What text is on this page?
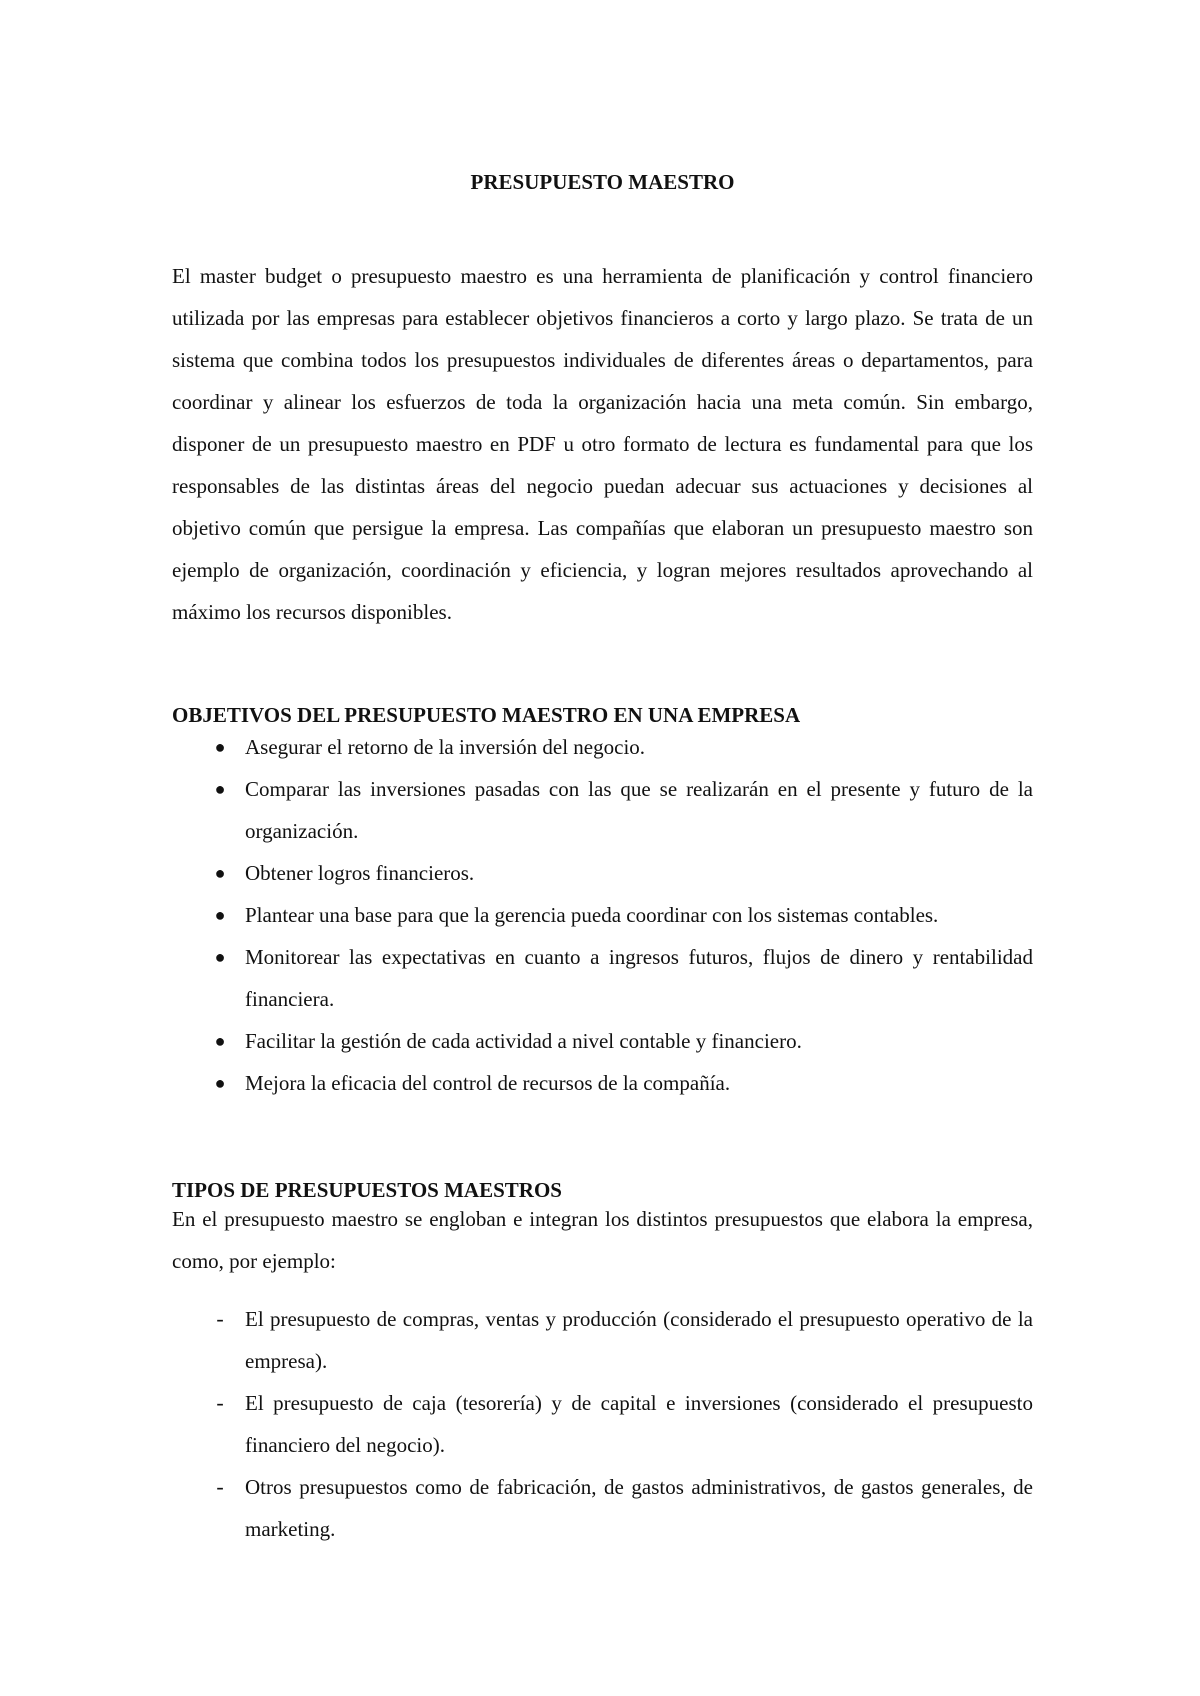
PRESUPUESTO MAESTRO

El master budget o presupuesto maestro es una herramienta de planificación y control financiero utilizada por las empresas para establecer objetivos financieros a corto y largo plazo. Se trata de un sistema que combina todos los presupuestos individuales de diferentes áreas o departamentos, para coordinar y alinear los esfuerzos de toda la organización hacia una meta común. Sin embargo, disponer de un presupuesto maestro en PDF u otro formato de lectura es fundamental para que los responsables de las distintas áreas del negocio puedan adecuar sus actuaciones y decisiones al objetivo común que persigue la empresa. Las compañías que elaboran un presupuesto maestro son ejemplo de organización, coordinación y eficiencia, y logran mejores resultados aprovechando al máximo los recursos disponibles.

OBJETIVOS DEL PRESUPUESTO MAESTRO EN UNA EMPRESA
● Asegurar el retorno de la inversión del negocio.
● Comparar las inversiones pasadas con las que se realizarán en el presente y futuro de la organización.
● Obtener logros financieros.
● Plantear una base para que la gerencia pueda coordinar con los sistemas contables.
● Monitorear las expectativas en cuanto a ingresos futuros, flujos de dinero y rentabilidad financiera.
● Facilitar la gestión de cada actividad a nivel contable y financiero.
● Mejora la eficacia del control de recursos de la compañía.
TIPOS DE PRESUPUESTOS MAESTROS

En el presupuesto maestro se engloban e integran los distintos presupuestos que elabora la empresa, como, por ejemplo:

-	El presupuesto de compras, ventas y producción (considerado el presupuesto operativo de la empresa).
-	El presupuesto de caja (tesorería) y de capital e inversiones (considerado el presupuesto financiero del negocio).
-	Otros presupuestos como de fabricación, de gastos administrativos, de gastos generales, de marketing.
